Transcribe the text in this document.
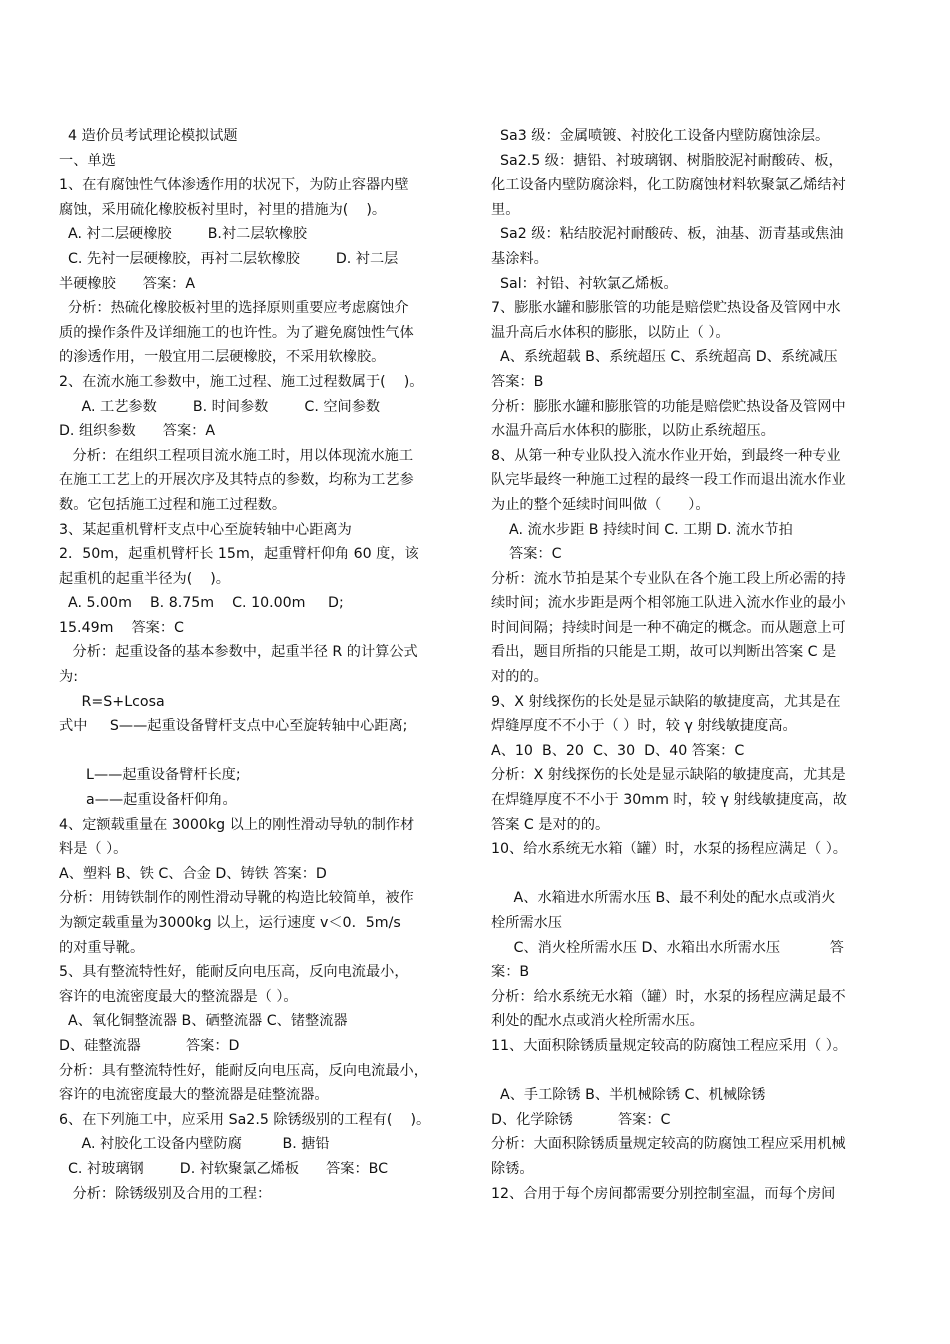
4 造价员考试理论模拟试题
一、单选
1、在有腐蚀性气体渗透作用的状况下，为防止容器内壁
腐蚀，采用硫化橡胶板衬里时，衬里的措施为(    )。
A. 衬二层硬橡胶        B.衬二层软橡胶
C. 先衬一层硬橡胶，再衬二层软橡胶        D. 衬二层
半硬橡胶      答案：A
分析：热硫化橡胶板衬里的选择原则重要应考虑腐蚀介
质的操作条件及详细施工的也许性。为了避免腐蚀性气体
的渗透作用，一般宜用二层硬橡胶，不采用软橡胶。
2、在流水施工参数中，施工过程、施工过程数属于(    )。
A. 工艺参数        B. 时间参数        C. 空间参数
D. 组织参数      答案：A
分析：在组织工程项目流水施工时，用以体现流水施工
在施工工艺上的开展次序及其特点的参数，均称为工艺参
数。它包括施工过程和施工过程数。
3、某起重机臂杆支点中心至旋转轴中心距离为
2．50m，起重机臂杆长 15m，起重臂杆仰角 60 度，该
起重机的起重半径为(    )。
A. 5.00m    B. 8.75m    C. 10.00m     D;
15.49m    答案：C
分析：起重设备的基本参数中，起重半径 R 的计算公式
为:
R=S+Lcosa
式中     S——起重设备臂杆支点中心至旋转轴中心距离;
L——起重设备臂杆长度;
a——起重设备杆仰角。
4、定额载重量在 3000kg 以上的刚性滑动导轨的制作材
料是（ ）。
A、塑料 B、铁 C、合金 D、铸铁 答案：D
分析：用铸铁制作的刚性滑动导靴的构造比较简单，被作
为额定载重量为3000kg 以上，运行速度 v＜0．5m/s
的对重导靴。
5、具有整流特性好，能耐反向电压高，反向电流最小，
容许的电流密度最大的整流器是（ ）。
A、氧化铜整流器 B、硒整流器 C、锗整流器
D、硅整流器          答案：D
分析：具有整流特性好，能耐反向电压高，反向电流最小，
容许的电流密度最大的整流器是硅整流器。
6、在下列施工中，应采用 Sa2.5 除锈级别的工程有(    )。
A. 衬胶化工设备内壁防腐         B. 搪铅
C. 衬玻璃钢        D. 衬软聚氯乙烯板      答案：BC
分析：除锈级别及合用的工程：
Sa3 级：金属喷镀、衬胶化工设备内壁防腐蚀涂层。
Sa2.5 级：搪铅、衬玻璃钢、树脂胶泥衬耐酸砖、板，
化工设备内壁防腐涂料，化工防腐蚀材料软聚氯乙烯结衬
里。
Sa2 级：粘结胶泥衬耐酸砖、板，油基、沥青基或焦油
基涂料。
Sal：衬铅、衬软氯乙烯板。
7、膨胀水罐和膨胀管的功能是赔偿贮热设备及管网中水
温升高后水体积的膨胀，以防止（ ）。
A、系统超载 B、系统超压 C、系统超高 D、系统减压
答案：B
分析：膨胀水罐和膨胀管的功能是赔偿贮热设备及管网中
水温升高后水体积的膨胀，以防止系统超压。
8、从第一种专业队投入流水作业开始，到最终一种专业
队完毕最终一种施工过程的最终一段工作而退出流水作业
为止的整个延续时间叫做（      ）。
A. 流水步距 B 持续时间 C. 工期 D. 流水节拍
答案：C
分析：流水节拍是某个专业队在各个施工段上所必需的持
续时间；流水步距是两个相邻施工队进入流水作业的最小
时间间隔；持续时间是一种不确定的概念。而从题意上可
看出，题目所指的只能是工期，故可以判断出答案 C 是
对的的。
9、X 射线探伤的长处是显示缺陷的敏捷度高，尤其是在
焊缝厚度不不小于（ ）时，较 γ 射线敏捷度高。
A、10  B、20  C、30  D、40 答案：C
分析：X 射线探伤的长处是显示缺陷的敏捷度高，尤其是
在焊缝厚度不不小于 30mm 时，较 γ 射线敏捷度高，故
答案 C 是对的的。
10、给水系统无水箱（罐）时，水泵的扬程应满足（ ）。
A、水箱进水所需水压 B、最不利处的配水点或消火
栓所需水压
C、消火栓所需水压 D、水箱出水所需水压           答
案：B
分析：给水系统无水箱（罐）时，水泵的扬程应满足最不
利处的配水点或消火栓所需水压。
11、大面积除锈质量规定较高的防腐蚀工程应采用（ ）。
A、手工除锈 B、半机械除锈 C、机械除锈
D、化学除锈          答案：C
分析：大面积除锈质量规定较高的防腐蚀工程应采用机械
除锈。
12、合用于每个房间都需要分别控制室温，而每个房间
